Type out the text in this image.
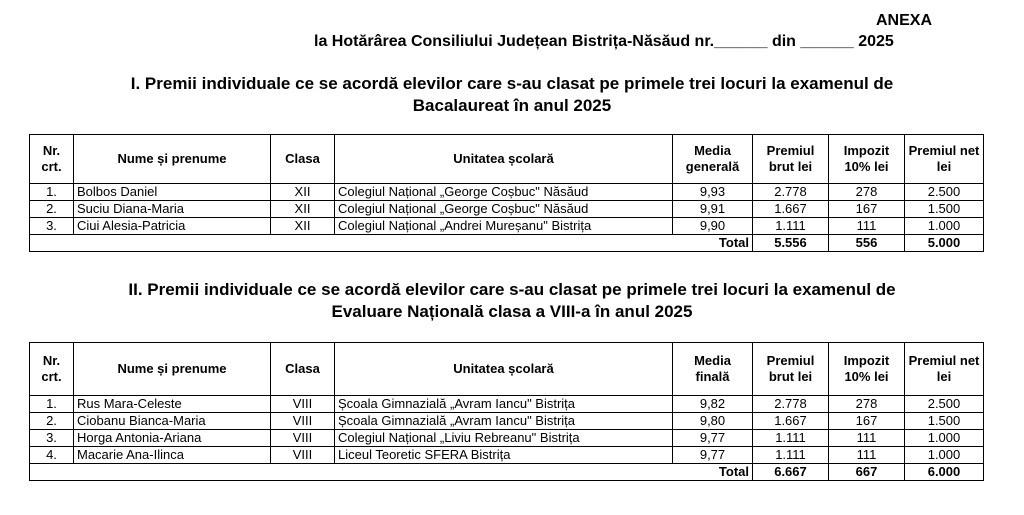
ANEXA
la Hotărârea Consiliului Județean Bistrița-Năsăud nr.______ din ______ 2025
I. Premii individuale ce se acordă elevilor care s-au clasat pe primele trei locuri la examenul de
Bacalaureat în anul 2025
Nr. crt.	Nume și prenume	Clasa	Unitatea școlară	Media generală	Premiul brut lei	Impozit 10% lei	Premiul net lei
1.	Bolbos Daniel	XII	Colegiul Național „George Coșbuc" Năsăud	9,93	2.778	278	2.500
2.	Suciu Diana-Maria	XII	Colegiul Național „George Coșbuc" Năsăud	9,91	1.667	167	1.500
3.	Ciui Alesia-Patricia	XII	Colegiul Național „Andrei Mureșanu" Bistrița	9,90	1.111	111	1.000
Total					5.556	556	5.000
II. Premii individuale ce se acordă elevilor care s-au clasat pe primele trei locuri la examenul de
Evaluare Națională clasa a VIII-a în anul 2025
Nr. crt.	Nume și prenume	Clasa	Unitatea școlară	Media finală	Premiul brut lei	Impozit 10% lei	Premiul net lei
1.	Rus Mara-Celeste	VIII	Școala Gimnazială „Avram Iancu" Bistrița	9,82	2.778	278	2.500
2.	Ciobanu Bianca-Maria	VIII	Școala Gimnazială „Avram Iancu" Bistrița	9,80	1.667	167	1.500
3.	Horga Antonia-Ariana	VIII	Colegiul Național „Liviu Rebreanu" Bistrița	9,77	1.111	111	1.000
4.	Macarie Ana-Ilinca	VIII	Liceul Teoretic SFERA Bistrița	9,77	1.111	111	1.000
Total					6.667	667	6.000
